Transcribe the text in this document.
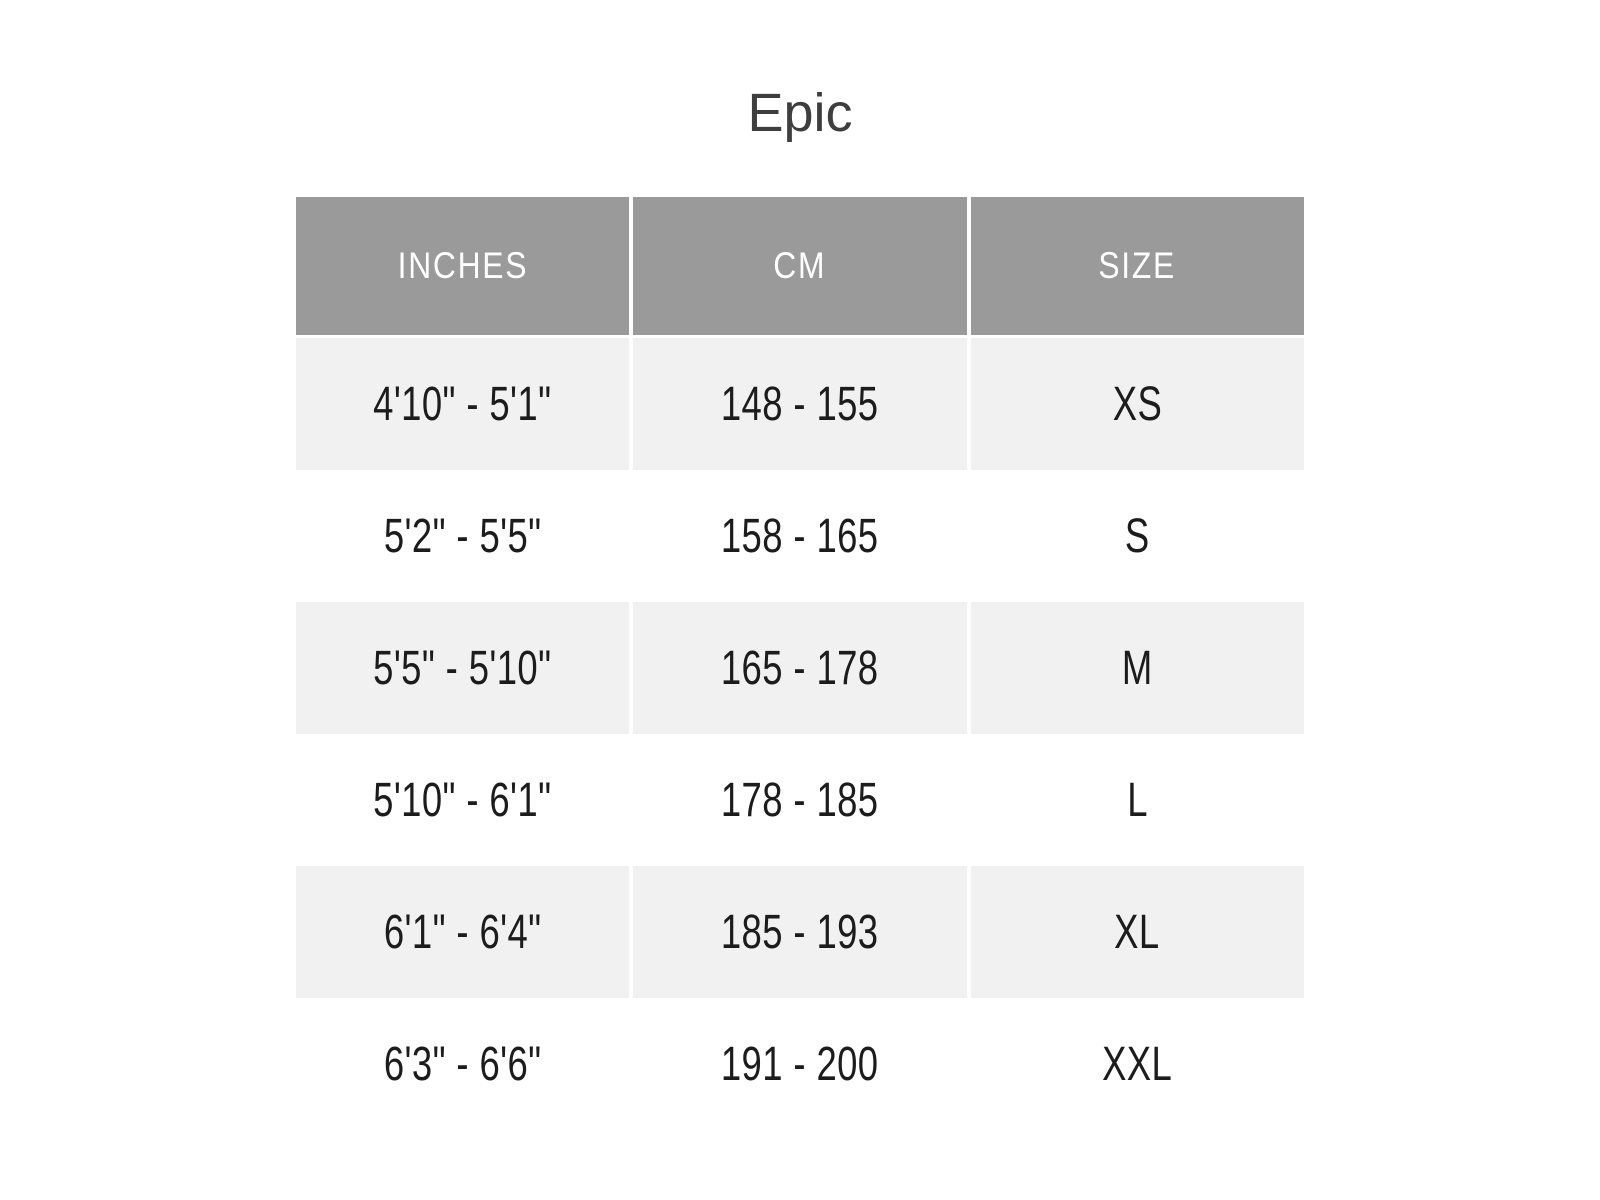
Epic
INCHES	CM	SIZE
4'10" - 5'1"	148 - 155	XS
5'2" - 5'5"	158 - 165	S
5'5" - 5'10"	165 - 178	M
5'10" - 6'1"	178 - 185	L
6'1" - 6'4"	185 - 193	XL
6'3" - 6'6"	191 - 200	XXL
